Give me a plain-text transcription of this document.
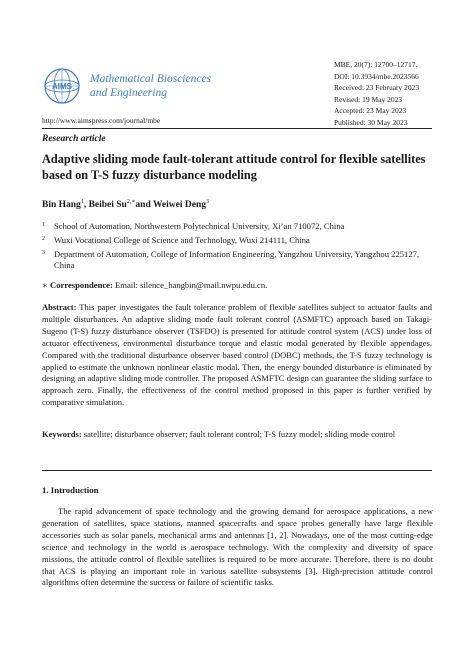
AIMS
Mathematical Biosciences
and Engineering
http://www.aimspress.com/journal/mbe
MBE, 20(7): 12700–12717.
DOI: 10.3934/mbe.2023566
Received: 23 February 2023
Revised: 19 May 2023
Accepted: 23 May 2023
Published: 30 May 2023
Research article
Adaptive sliding mode fault-tolerant attitude control for flexible satellites based on T-S fuzzy disturbance modeling
Bin Hang$^1$, Beibei $Su^{2,∗}and$ Weiwei Deng$^3$
1	School of Automation, Northwestern Polytechnical University, Xi’an 710072, China
2	Wuxi Vocational College of Science and Technology, Wuxi 214111, China
3	Department of Automation, College of Information Engineering, Yangzhou University, Yangzhou 225127, China
∗ Correspondence: Email: silence_hangbin@mail.nwpu.edu.cn.
Abstract: This paper investigates the fault tolerance problem of flexible satellites subject to actuator faults and multiple disturbances. An adaptive sliding mode fault tolerant control (ASMFTC) approach based on Takagi-Sugeno (T-S) fuzzy disturbance observer (TSFDO) is presented for attitude control system (ACS) under loss of actuator effectiveness, environmental disturbance torque and elastic modal generated by flexible appendages. Compared with the traditional disturbance observer based control (DOBC) methods, the T-S fuzzy technology is applied to estimate the unknown nonlinear elastic modal. Then, the energy bounded disturbance is eliminated by designing an adaptive sliding mode controller. The proposed ASMFTC design can guarantee the sliding surface to approach zero. Finally, the effectiveness of the control method proposed in this paper is further verified by comparative simulation.
Keywords: satellite; disturbance observer; fault tolerant control; T-S fuzzy model; sliding mode control
1. Introduction
The rapid advancement of space technology and the growing demand for aerospace applications, a new generation of satellites, space stations, manned spacecrafts and space probes generally have large flexible accessories such as solar panels, mechanical arms and antennas [1, 2]. Nowadays, one of the most cutting-edge science and technology in the world is aerospace technology. With the complexity and diversity of space missions, the attitude control of flexible satellites is required to be more accurate. Therefore, there is no doubt that ACS is playing an important role in various satellite subsystems [3]. High-precision attitude control algorithms often determine the success or failure of scientific tasks.
